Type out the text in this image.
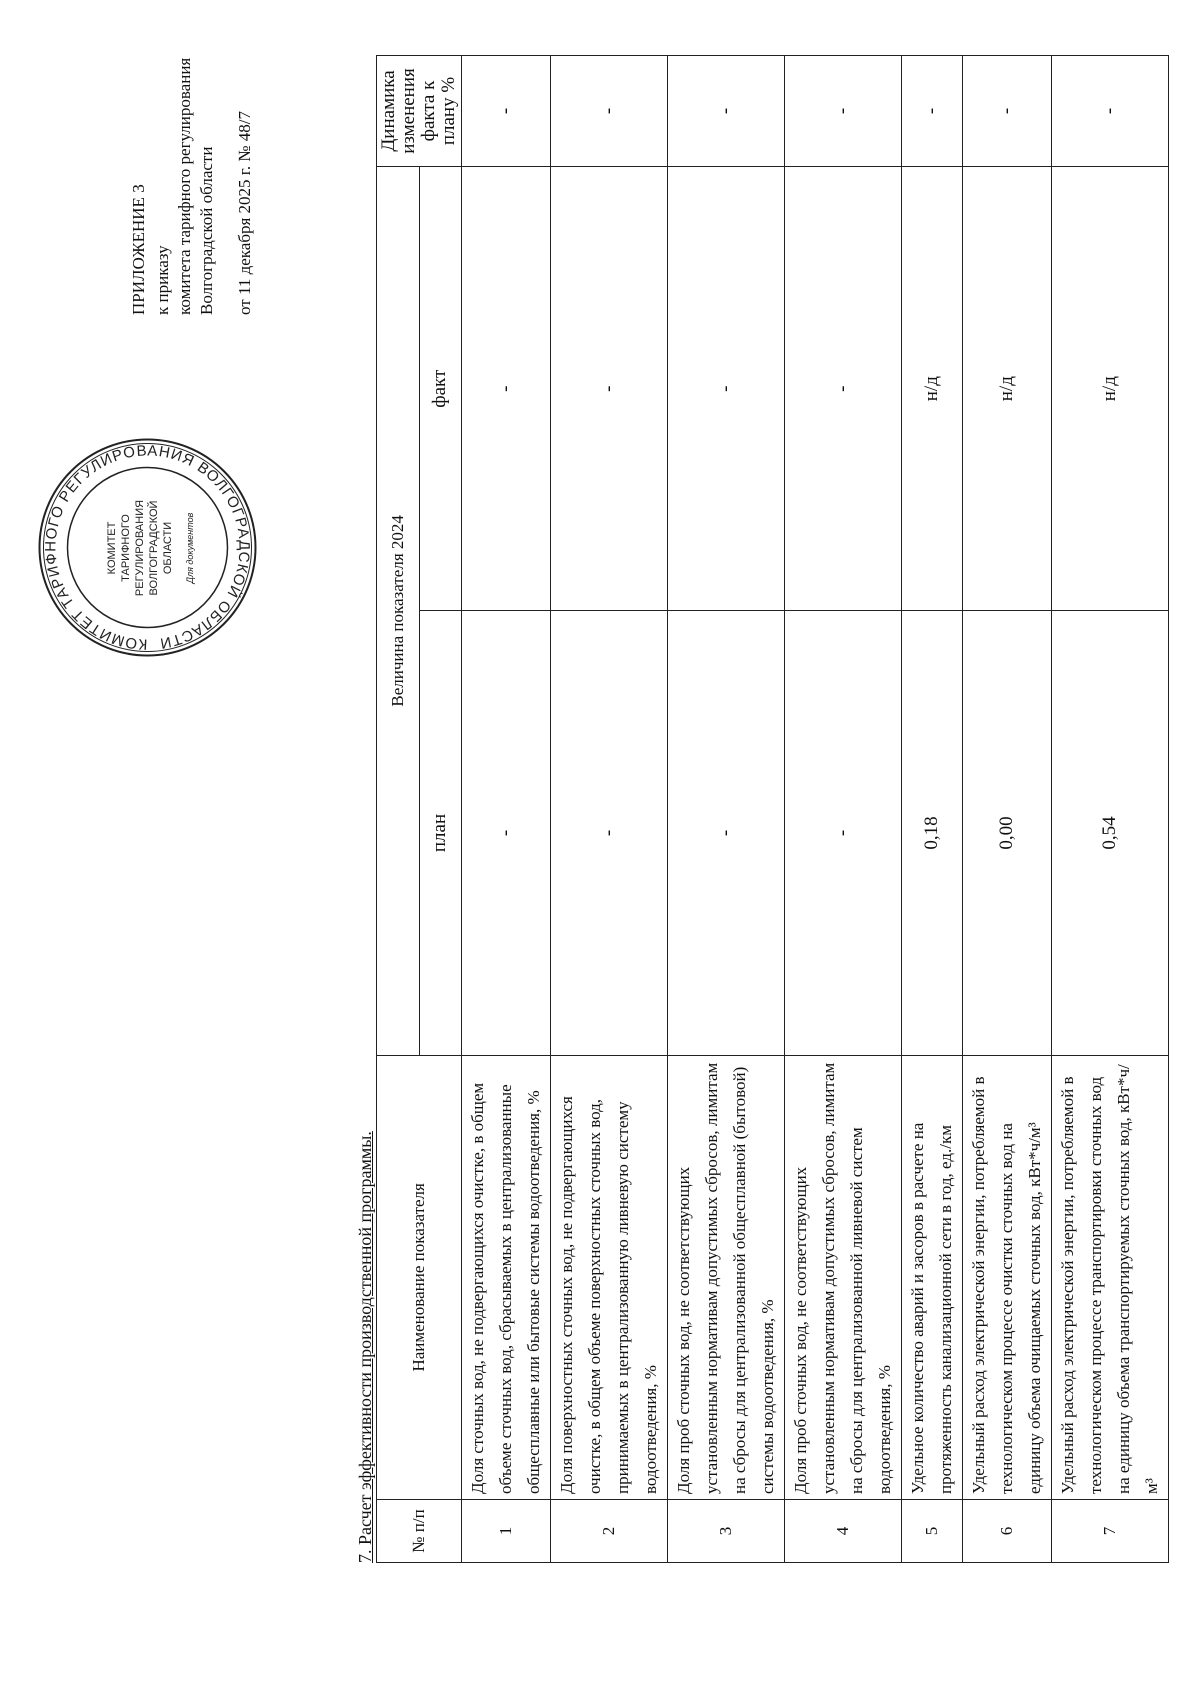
КОМИТЕТ ТАРИФНОГО РЕГУЛИРОВАНИЯ ВОЛГОГРАДСКОЙ ОБЛАСТИ
КОМИТЕТ ТАРИФНОГО РЕГУЛИРОВАНИЯ ВОЛГОГРАДСКОЙ ОБЛАСТИ Для документов
ПРИЛОЖЕНИЕ 3 к приказу комитета тарифного регулирования Волгоградской области от 11 декабря 2025 г. № 48/7
7. Расчет эффективности производственной программы. № п/п	Наименование показателя	Величина показателя 2024		Динамика изменения факта к плану %
		план	факт	
1	Доля сточных вод, не подвергающихся очистке, в общем объеме сточных вод, сбрасываемых в централизованные общесплавные или бытовые системы водоотведения, %	-	-	-
2	Доля поверхностных сточных вод, не подвергающихся очистке, в общем объеме поверхностных сточных вод, принимаемых в централизованную ливневую систему водоотведения, %	-	-	-
3	Доля проб сточных вод, не соответствующих установленным нормативам допустимых сбросов, лимитам на сбросы для централизованной общесплавной (бытовой) системы водоотведения, %	-	-	-
4	Доля проб сточных вод, не соответствующих установленным нормативам допустимых сбросов, лимитам на сбросы для централизованной ливневой систем водоотведения, %	-	-	-
5	Удельное количество аварий и засоров в расчете на протяженность канализационной сети в год, ед./км	0,18	н/д	-
6	Удельный расход электрической энергии, потребляемой в технологическом процессе очистки сточных вод на единицу объема очищаемых сточных вод, кВт*ч/м³	0,00	н/д	-
7	Удельный расход электрической энергии, потребляемой в технологическом процессе транспортировки сточных вод на единицу объема транспортируемых сточных вод, кВт*ч/м³	0,54	н/д	-
